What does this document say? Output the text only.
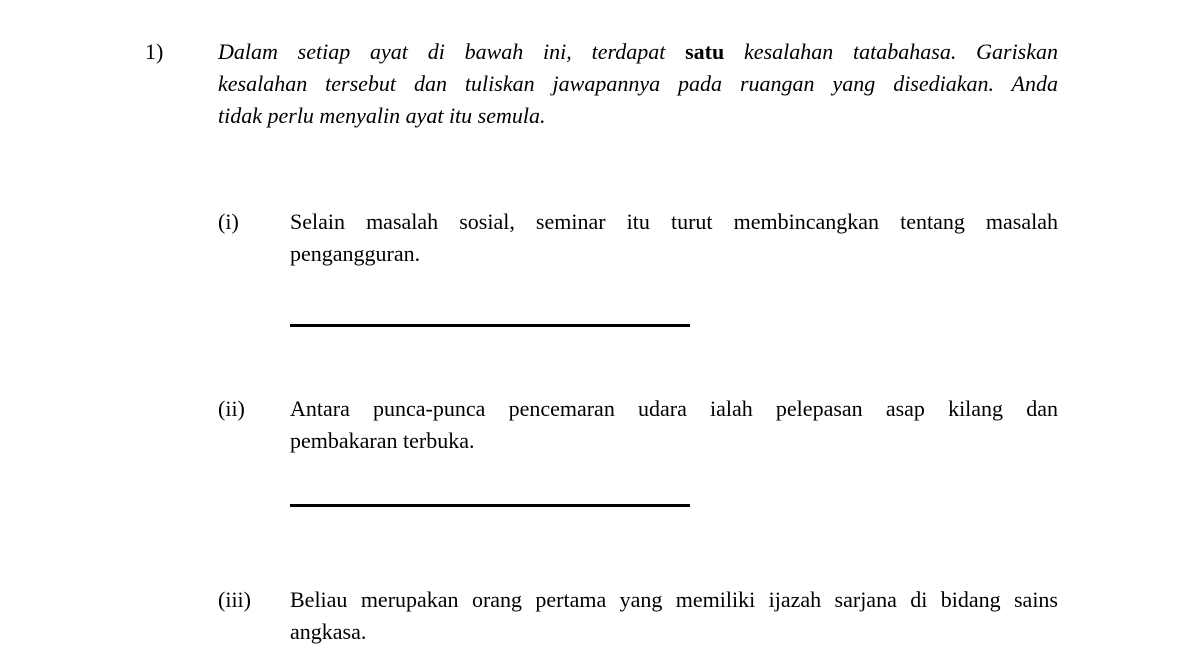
1) Dalam setiap ayat di bawah ini, terdapat satu kesalahan tatabahasa. Gariskan
kesalahan tersebut dan tuliskan jawapannya pada ruangan yang disediakan. Anda
tidak perlu menyalin ayat itu semula.
(i) Selain masalah sosial, seminar itu turut membincangkan tentang masalah
pengangguran.
(ii) Antara punca-punca pencemaran udara ialah pelepasan asap kilang dan
pembakaran terbuka.
(iii) Beliau merupakan orang pertama yang memiliki ijazah sarjana di bidang sains
angkasa.
